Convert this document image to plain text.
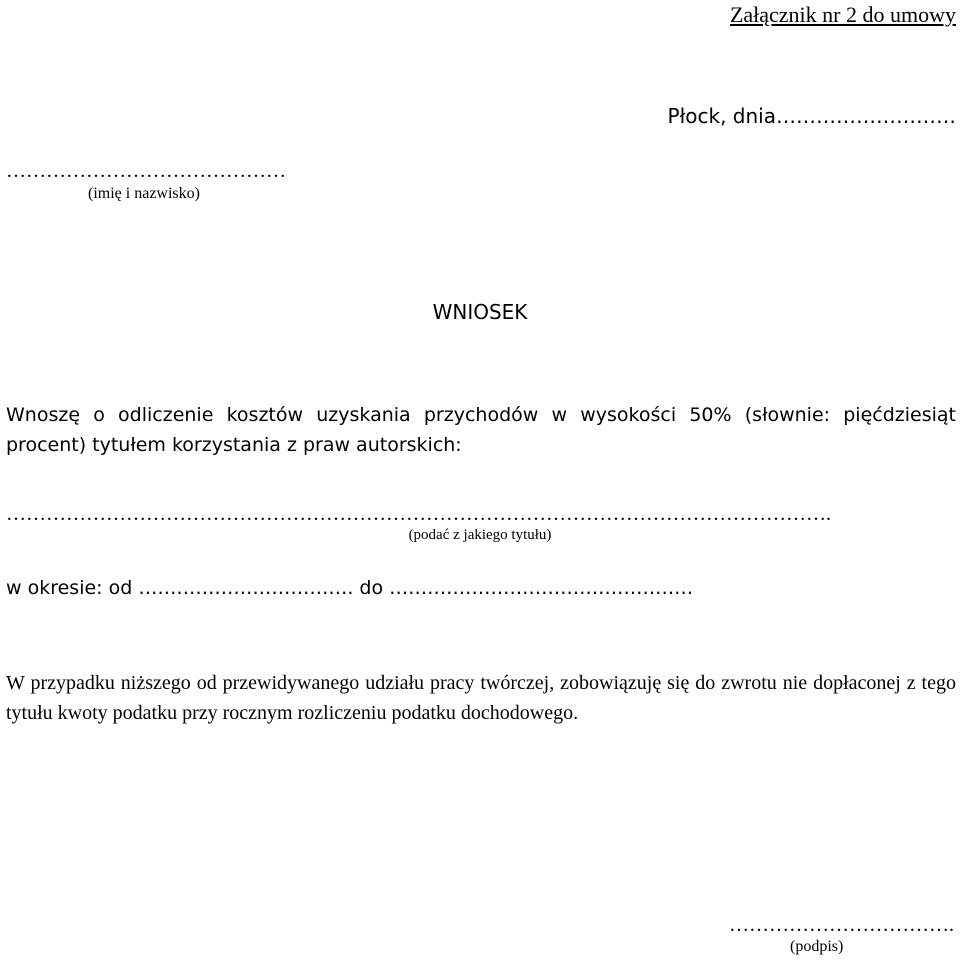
Załącznik nr 2 do umowy
Płock, dnia………………………
……………………………………
(imię i nazwisko)
WNIOSEK
Wnoszę o odliczenie kosztów uzyskania przychodów w wysokości 50% (słownie: pięćdziesiąt procent) tytułem korzystania z praw autorskich:
…………………………………………………………………………………………………………….
(podać z jakiego tytułu)
w okresie: od ……………………………. do …………………………………………
W przypadku niższego od przewidywanego udziału pracy twórczej, zobowiązuję się do zwrotu nie dopłaconej z tego tytułu kwoty podatku przy rocznym rozliczeniu podatku dochodowego.
…………………………….
(podpis)
